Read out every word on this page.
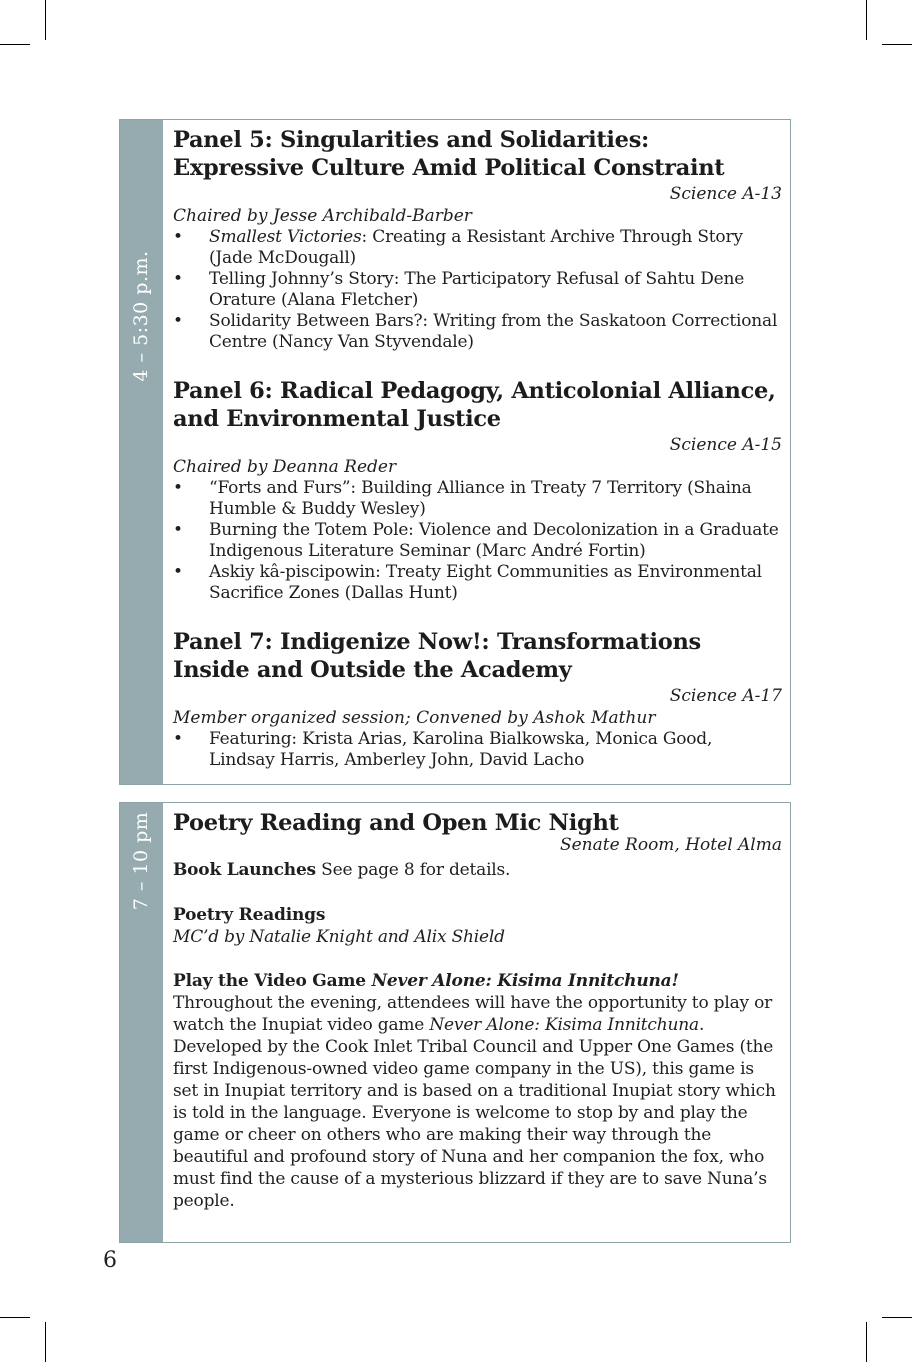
4 – 5:30 p.m.
Panel 5: Singularities and Solidarities: Expressive Culture Amid Political Constraint
Science A-13
Chaired by Jesse Archibald-Barber
• Smallest Victories: Creating a Resistant Archive Through Story (Jade McDougall)
• Telling Johnny’s Story: The Participatory Refusal of Sahtu Dene Orature (Alana Fletcher)
• Solidarity Between Bars?: Writing from the Saskatoon Correctional Centre (Nancy Van Styvendale)
Panel 6: Radical Pedagogy, Anticolonial Alliance, and Environmental Justice
Science A-15
Chaired by Deanna Reder
• “Forts and Furs”: Building Alliance in Treaty 7 Territory (Shaina Humble & Buddy Wesley)
• Burning the Totem Pole: Violence and Decolonization in a Graduate Indigenous Literature Seminar (Marc André Fortin)
• Askiy kâ-piscipowin: Treaty Eight Communities as Environmental Sacrifice Zones (Dallas Hunt)
Panel 7: Indigenize Now!: Transformations Inside and Outside the Academy
Science A-17
Member organized session; Convened by Ashok Mathur
• Featuring: Krista Arias, Karolina Bialkowska, Monica Good, Lindsay Harris, Amberley John, David Lacho
7 – 10 pm Poetry Reading and Open Mic Night
Senate Room, Hotel Alma

Book Launches See page 8 for details.

Poetry Readings

MC’d by Natalie Knight and Alix Shield

Play the Video Game Never Alone: Kisima Innitchuna!

Throughout the evening, attendees will have the opportunity to play or watch the Inupiat video game Never Alone: Kisima Innitchuna. Developed by the Cook Inlet Tribal Council and Upper One Games (the first Indigenous-owned video game company in the US), this game is set in Inupiat territory and is based on a traditional Inupiat story which is told in the language. Everyone is welcome to stop by and play the game or cheer on others who are making their way through the beautiful and profound story of Nuna and her companion the fox, who must find the cause of a mysterious blizzard if they are to save Nuna’s people.

6
